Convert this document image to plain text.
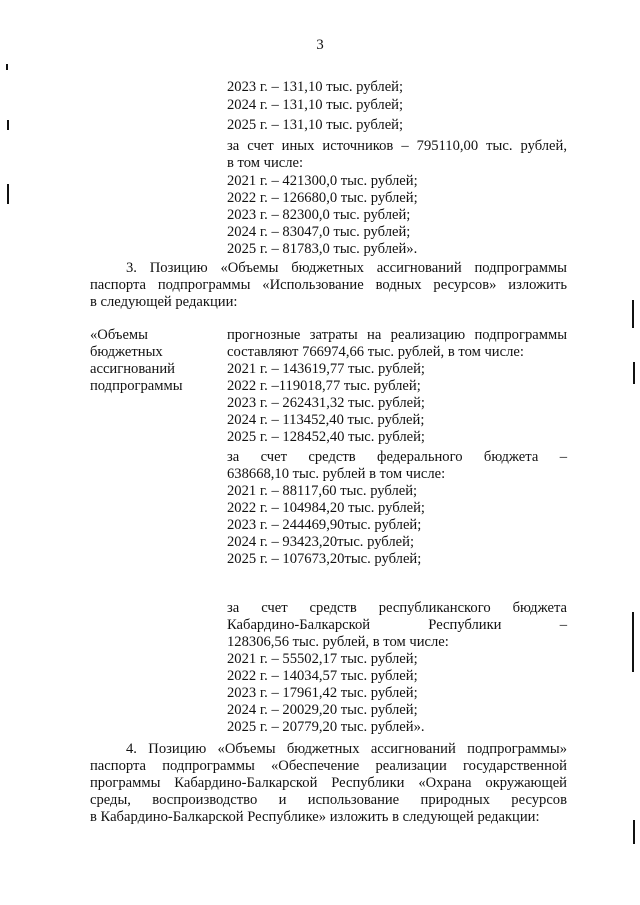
3
2023 г. – 131,10 тыс. рублей;
2024 г. – 131,10 тыс. рублей;
2025 г. – 131,10 тыс. рублей;
за счет иных источников – 795110,00 тыс. рублей,
в том числе:
2021 г. – 421300,0 тыс. рублей;
2022 г. – 126680,0 тыс. рублей;
2023 г. – 82300,0 тыс. рублей;
2024 г. – 83047,0 тыс. рублей;
2025 г. – 81783,0 тыс. рублей».
3. Позицию «Объемы бюджетных ассигнований подпрограммы
паспорта подпрограммы «Использование водных ресурсов» изложить
в следующей редакции:
«Объемы
бюджетных
ассигнований
подпрограммы
прогнозные затраты на реализацию подпрограммы
составляют 766974,66 тыс. рублей, в том числе:
2021 г. – 143619,77 тыс. рублей;
2022 г. –119018,77 тыс. рублей;
2023 г. – 262431,32 тыс. рублей;
2024 г. – 113452,40 тыс. рублей;
2025 г. – 128452,40 тыс. рублей;
за счет средств федерального бюджета –
638668,10 тыс. рублей в том числе:
2021 г. – 88117,60 тыс. рублей;
2022 г. – 104984,20 тыс. рублей;
2023 г. – 244469,90тыс. рублей;
2024 г. – 93423,20тыс. рублей;
2025 г. – 107673,20тыс. рублей;
за счет средств республиканского бюджета
Кабардино-Балкарской Республики –
128306,56 тыс. рублей, в том числе:
2021 г. – 55502,17 тыс. рублей;
2022 г. – 14034,57 тыс. рублей;
2023 г. – 17961,42 тыс. рублей;
2024 г. – 20029,20 тыс. рублей;
2025 г. – 20779,20 тыс. рублей».
4. Позицию «Объемы бюджетных ассигнований подпрограммы»
паспорта подпрограммы «Обеспечение реализации государственной
программы Кабардино-Балкарской Республики «Охрана окружающей
среды, воспроизводство и использование природных ресурсов
в Кабардино-Балкарской Республике» изложить в следующей редакции:
